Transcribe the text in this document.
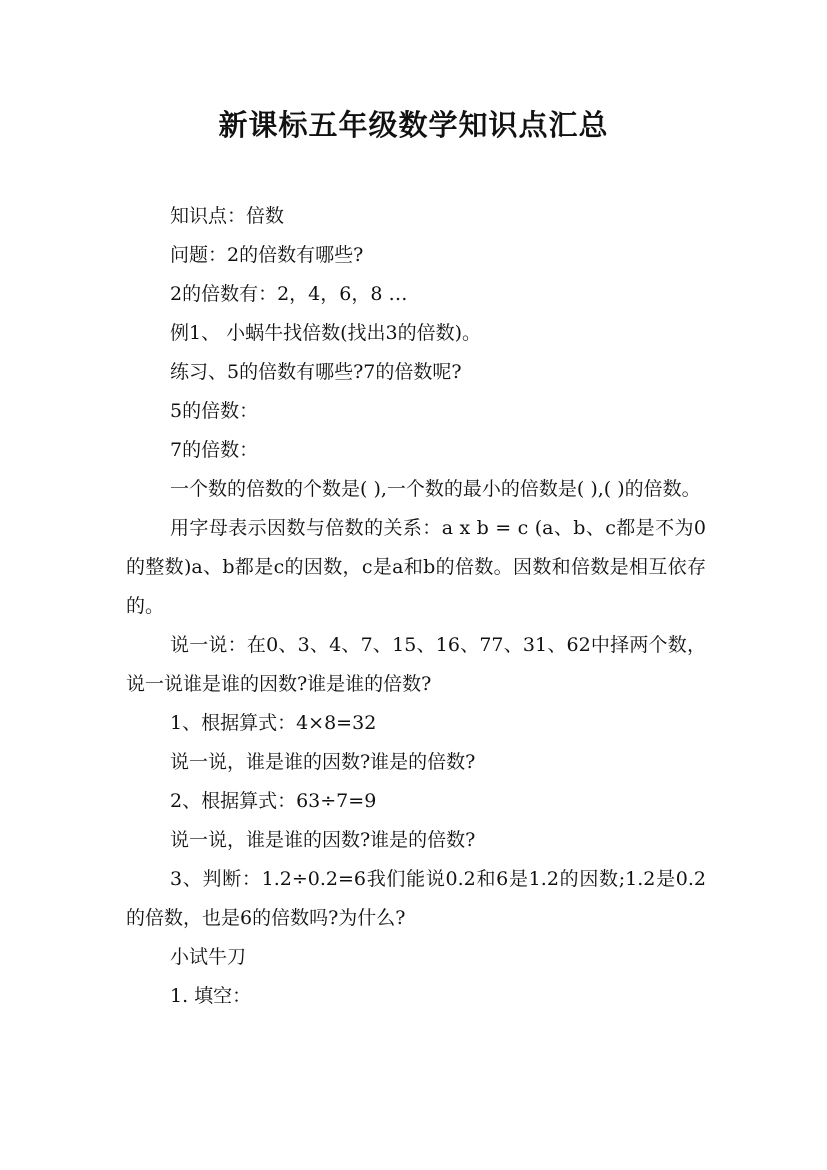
新课标五年级数学知识点汇总

知识点：倍数

问题：2的倍数有哪些?

2的倍数有：2，4，6，8 …

例1、 小蜗牛找倍数(找出3的倍数)。

练习、5的倍数有哪些?7的倍数呢?

5的倍数：

7的倍数：

一个数的倍数的个数是( ),一个数的最小的倍数是( ),( )的倍数。

用字母表示因数与倍数的关系：a x b = c (a、b、c都是不为0的整数)a、b都是c的因数，c是a和b的倍数。因数和倍数是相互依存的。

说一说：在0、3、4、7、15、16、77、31、62中择两个数，说一说谁是谁的因数?谁是谁的倍数?

1、根据算式：4×8=32

说一说，谁是谁的因数?谁是的倍数?

2、根据算式：63÷7=9

说一说，谁是谁的因数?谁是的倍数?

3、判断：1.2÷0.2=6我们能说0.2和6是1.2的因数;1.2是0.2的倍数，也是6的倍数吗?为什么?

小试牛刀

1. 填空：
